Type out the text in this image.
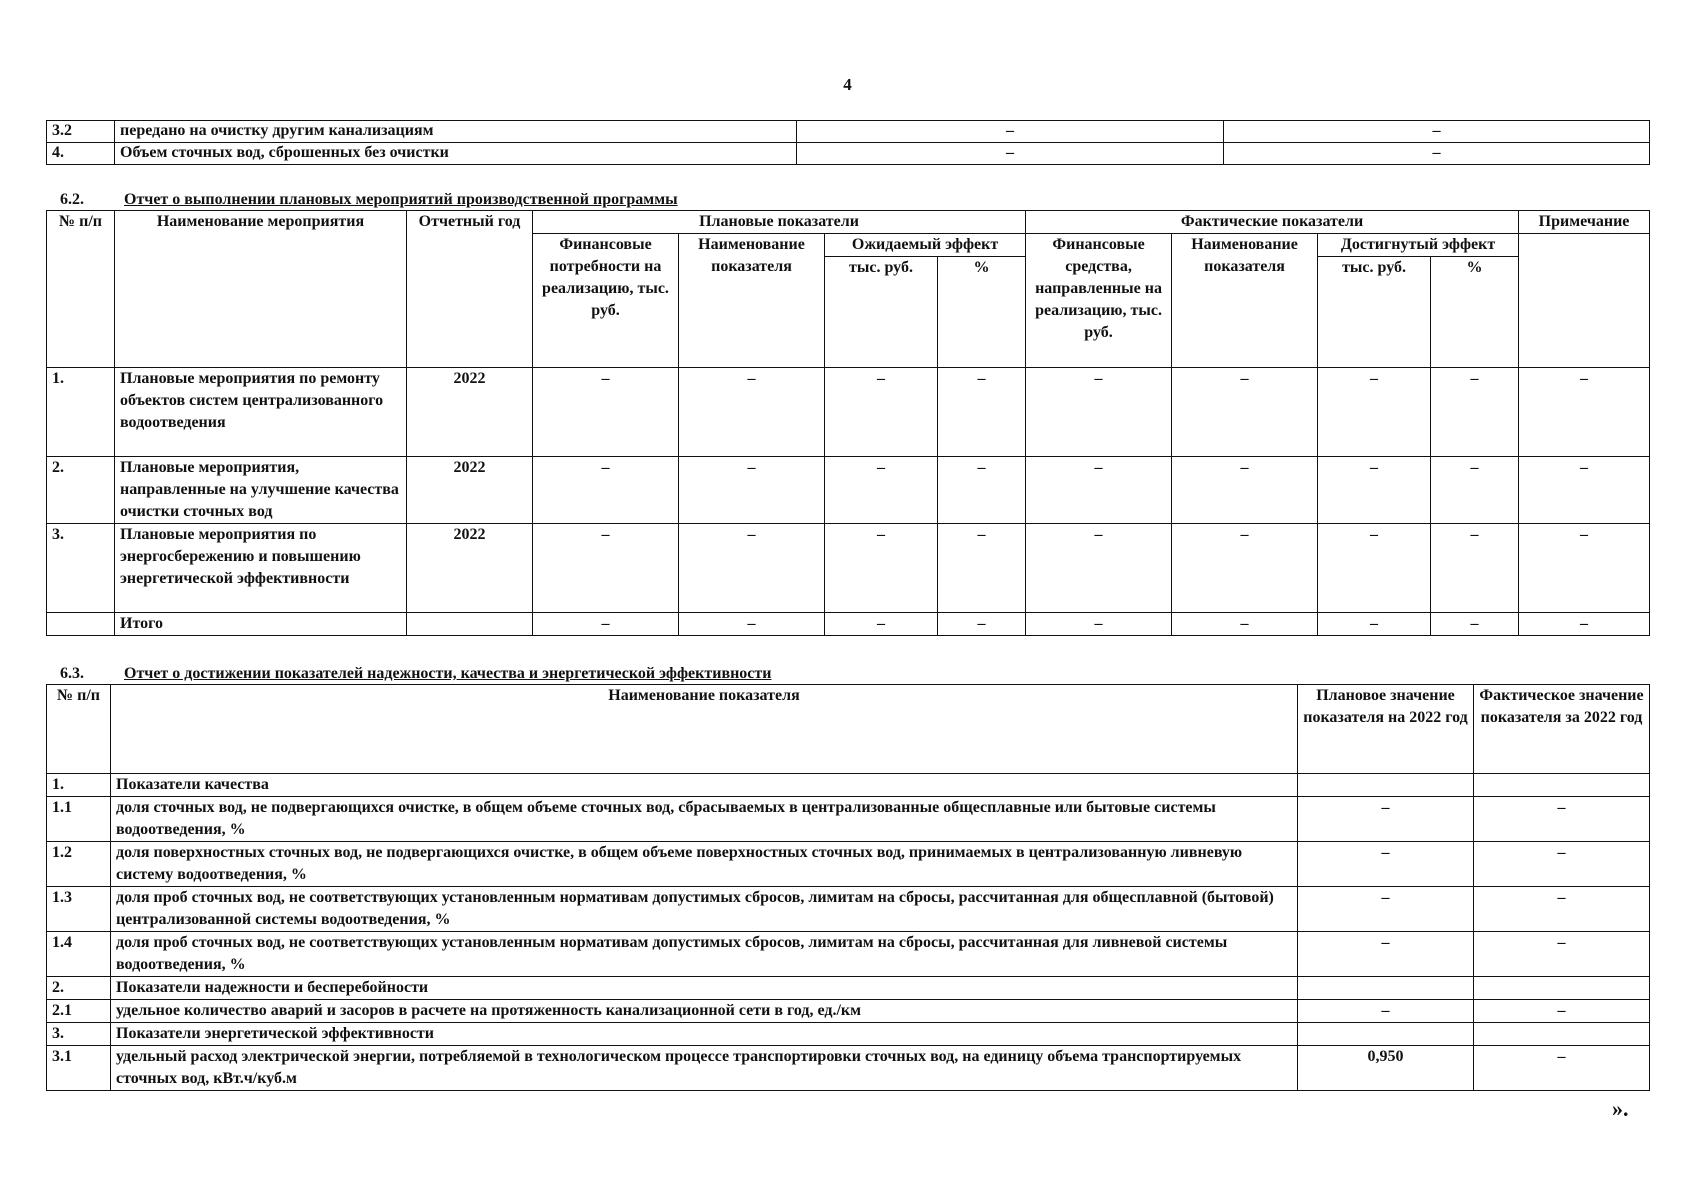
4
3.2	передано на очистку другим канализациям	–	–
4.	Объем сточных вод, сброшенных без очистки	–	–
6.2.	Отчет о выполнении плановых мероприятий производственной программы
№ п/п	Наименование мероприятия	Отчетный год	Плановые показатели				Фактические показатели				Примечание
			Финансовые потребности на реализацию, тыс. руб.	Наименование показателя	Ожидаемый эффект		Финансовые средства, направленные на реализацию, тыс. руб.	Наименование показателя	Достигнутый эффект		
					тыс. руб.	%			тыс. руб.	%	
1.	Плановые мероприятия по ремонту объектов систем централизованного водоотведения	2022	–	–	–	–	–	–	–	–	–
2.	Плановые мероприятия, направленные на улучшение качества очистки сточных вод	2022	–	–	–	–	–	–	–	–	–
3.	Плановые мероприятия по энергосбережению и повышению энергетической эффективности	2022	–	–	–	–	–	–	–	–	–
	Итого		–	–	–	–	–	–	–	–	–
6.3.	Отчет о достижении показателей надежности, качества и энергетической эффективности
№ п/п	Наименование показателя	Плановое значение показателя на 2022 год	Фактическое значение показателя за 2022 год
1.	Показатели качества		
1.1	доля сточных вод, не подвергающихся очистке, в общем объеме сточных вод, сбрасываемых в централизованные общесплавные или бытовые системы водоотведения, %	–	–
1.2	доля поверхностных сточных вод, не подвергающихся очистке, в общем объеме поверхностных сточных вод, принимаемых в централизованную ливневую систему водоотведения, %	–	–
1.3	доля проб сточных вод, не соответствующих установленным нормативам допустимых сбросов, лимитам на сбросы, рассчитанная для общесплавной (бытовой) централизованной системы водоотведения, %	–	–
1.4	доля проб сточных вод, не соответствующих установленным нормативам допустимых сбросов, лимитам на сбросы, рассчитанная для ливневой системы водоотведения, %	–	–
2.	Показатели надежности и бесперебойности		
2.1	удельное количество аварий и засоров в расчете на протяженность канализационной сети в год, ед./км	–	–
3.	Показатели энергетической эффективности		
3.1	удельный расход электрической энергии, потребляемой в технологическом процессе транспортировки сточных вод, на единицу объема транспортируемых сточных вод, кВт.ч/куб.м	0,950	–
».
